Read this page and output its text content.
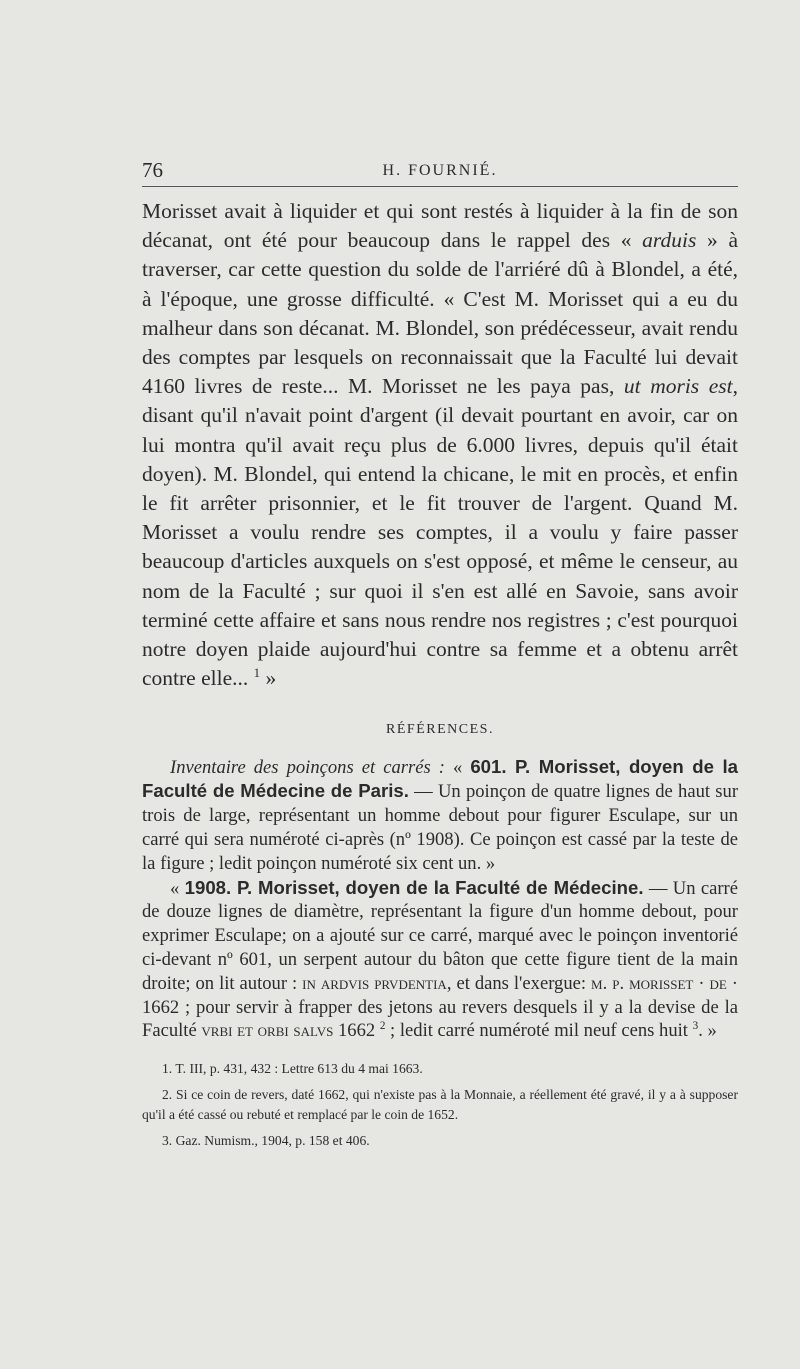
76	H. FOURNIÉ.

Morisset avait à liquider et qui sont restés à liquider à la fin de son décanat, ont été pour beaucoup dans le rappel des « arduis » à traverser, car cette question du solde de l'arriéré dû à Blondel, a été, à l'époque, une grosse difficulté. « C'est M. Morisset qui a eu du malheur dans son décanat. M. Blondel, son prédécesseur, avait rendu des comptes par lesquels on reconnaissait que la Faculté lui devait 4160 livres de reste... M. Morisset ne les paya pas, ut moris est, disant qu'il n'avait point d'argent (il devait pourtant en avoir, car on lui montra qu'il avait reçu plus de 6.000 livres, depuis qu'il était doyen). M. Blondel, qui entend la chicane, le mit en procès, et enfin le fit arrêter prisonnier, et le fit trouver de l'argent. Quand M. Morisset a voulu rendre ses comptes, il a voulu y faire passer beaucoup d'articles auxquels on s'est opposé, et même le censeur, au nom de la Faculté ; sur quoi il s'en est allé en Savoie, sans avoir terminé cette affaire et sans nous rendre nos registres ; c'est pourquoi notre doyen plaide aujourd'hui contre sa femme et a obtenu arrêt contre elle... $^1$ »

RÉFÉRENCES.

Inventaire des poinçons et carrés : « 601. P. Morisset, doyen de la Faculté de Médecine de Paris. — Un poinçon de quatre lignes de haut sur trois de large, représentant un homme debout pour figurer Esculape, sur un carré qui sera numéroté ci-après (nº 1908). Ce poinçon est cassé par la teste de la figure ; ledit poinçon numéroté six cent un. »

« 1908. P. Morisset, doyen de la Faculté de Médecine. — Un carré de douze lignes de diamètre, représentant la figure d'un homme debout, pour exprimer Esculape; on a ajouté sur ce carré, marqué avec le poinçon inventorié ci-devant nº 601, un serpent autour du bâton que cette figure tient de la main droite; on lit autour : in ardvis prvdentia, et dans l'exergue: m. p. morisset · de · 1662 ; pour servir à frapper des jetons au revers desquels il y a la devise de la Faculté vrbi et orbi salvs 1662 $^2$ ; ledit carré numéroté mil neuf cens huit $^3$. »

1. T. III, p. 431, 432 : Lettre 613 du 4 mai 1663.

2. Si ce coin de revers, daté 1662, qui n'existe pas à la Monnaie, a réellement été gravé, il y a à supposer qu'il a été cassé ou rebuté et remplacé par le coin de 1652.

3. Gaz. Numism., 1904, p. 158 et 406.
